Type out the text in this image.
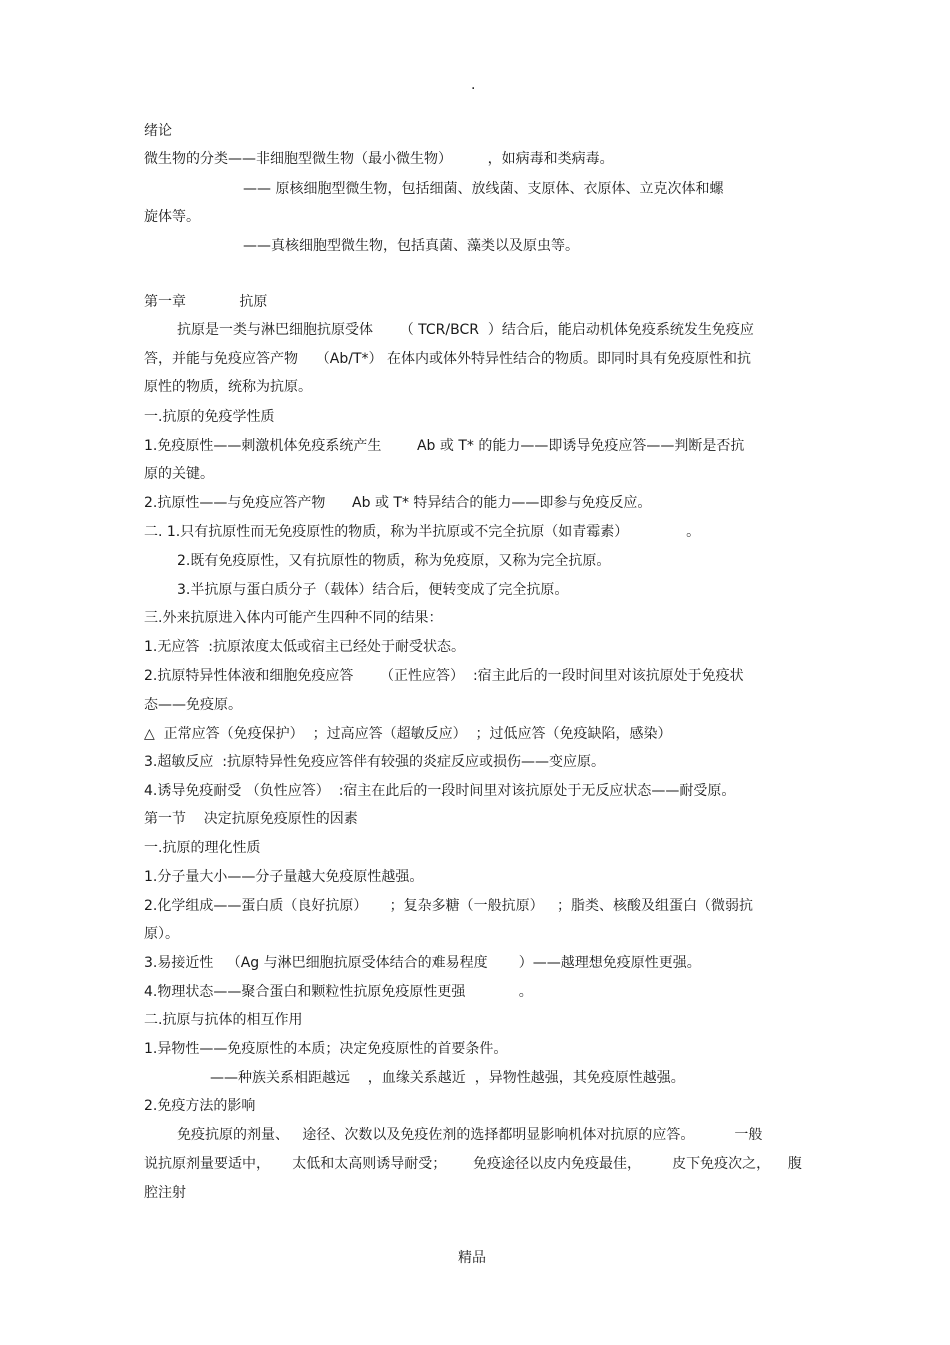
.
绪论
微生物的分类——非细胞型微生物（最小微生物）        ，如病毒和类病毒。
—— 原核细胞型微生物，包括细菌、放线菌、支原体、衣原体、立克次体和螺
旋体等。
——真核细胞型微生物，包括真菌、藻类以及原虫等。
第一章            抗原
抗原是一类与淋巴细胞抗原受体      （ TCR/BCR  ）结合后，能启动机体免疫系统发生免疫应
答，并能与免疫应答产物    （Ab/T*） 在体内或体外特异性结合的物质。即同时具有免疫原性和抗
原性的物质，统称为抗原。
一.抗原的免疫学性质
1.免疫原性——刺激机体免疫系统产生        Ab 或 T* 的能力——即诱导免疫应答——判断是否抗
原的关键。
2.抗原性——与免疫应答产物      Ab 或 T* 特异结合的能力——即参与免疫反应。
二. 1.只有抗原性而无免疫原性的物质，称为半抗原或不完全抗原（如青霉素）             。
2.既有免疫原性，又有抗原性的物质，称为免疫原，又称为完全抗原。
3.半抗原与蛋白质分子（载体）结合后，便转变成了完全抗原。
三.外来抗原进入体内可能产生四种不同的结果：
1.无应答  :抗原浓度太低或宿主已经处于耐受状态。
2.抗原特异性体液和细胞免疫应答      （正性应答）  :宿主此后的一段时间里对该抗原处于免疫状
态——免疫原。
△  正常应答（免疫保护）  ；过高应答（超敏反应）  ；过低应答（免疫缺陷，感染）
3.超敏反应  :抗原特异性免疫应答伴有较强的炎症反应或损伤——变应原。
4.诱导免疫耐受 （负性应答）  :宿主在此后的一段时间里对该抗原处于无反应状态——耐受原。
第一节    决定抗原免疫原性的因素
一.抗原的理化性质
1.分子量大小——分子量越大免疫原性越强。
2.化学组成——蛋白质（良好抗原）     ；复杂多糖（一般抗原）   ；脂类、核酸及组蛋白（微弱抗
原）。
3.易接近性   （Ag 与淋巴细胞抗原受体结合的难易程度       ）——越理想免疫原性更强。
4.物理状态——聚合蛋白和颗粒性抗原免疫原性更强            。
二.抗原与抗体的相互作用
1.异物性——免疫原性的本质；决定免疫原性的首要条件。
——种族关系相距越远    ，血缘关系越近  ，异物性越强，其免疫原性越强。
2.免疫方法的影响
免疫抗原的剂量、   途径、次数以及免疫佐剂的选择都明显影响机体对抗原的应答。         一般
说抗原剂量要适中，     太低和太高则诱导耐受；      免疫途径以皮内免疫最佳，       皮下免疫次之，    腹
腔注射
精品
